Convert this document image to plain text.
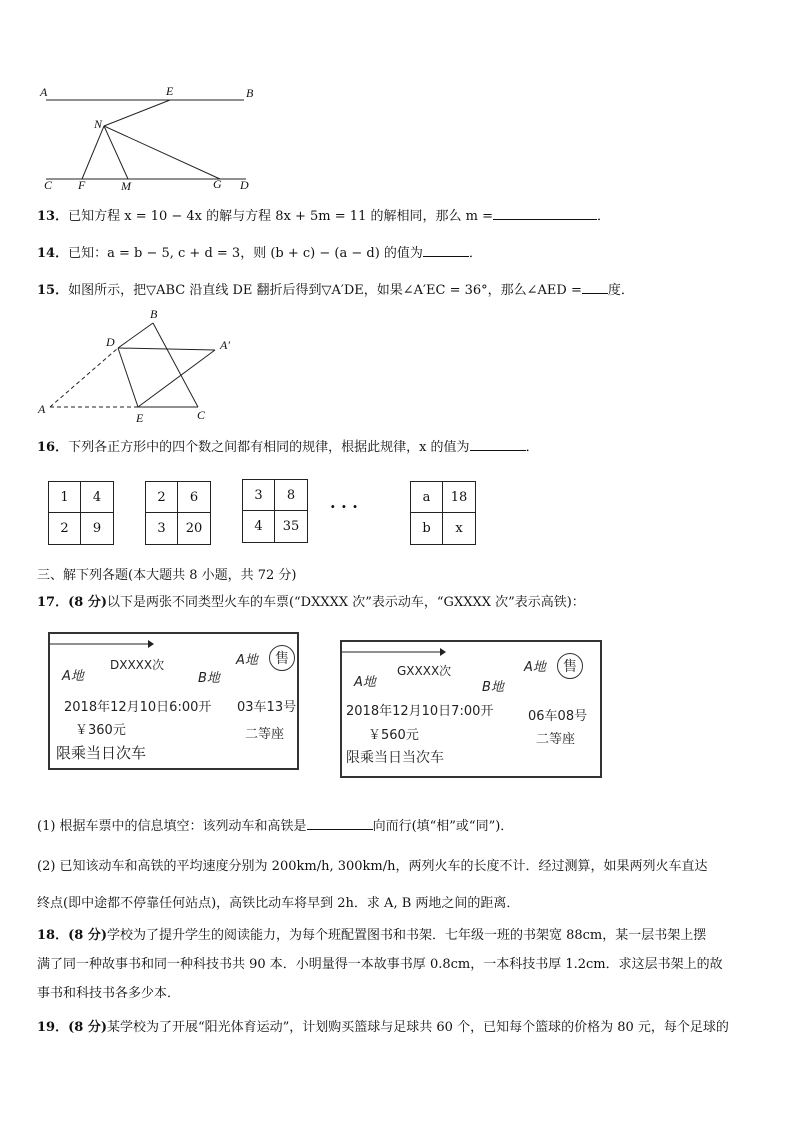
A	E	B
N
C F	M	G D
13．已知方程 x = 10 − 4x 的解与方程 8x + 5m = 11 的解相同，那么 m =	．
14．已知：a = b − 5, c + d = 3，则 (b + c) − (a − d) 的值为	．
15．如图所示，把▽ABC 沿直线 DE 翻折后得到▽A′DE，如果∠A′EC = 36°，那么∠AED = 度．
B
D	A′
A
E	C
16．下列各正方形中的四个数之间都有相同的规律，根据此规律，x 的值为	．
1	4
2	9
2	6
3	20
3	8
4	35
· · ·	a	18
b	x
三、解下列各题(本大题共 8 小题，共 72 分)
17．(8 分)以下是两张不同类型火车的车票(“DXXXX 次”表示动车，“GXXXX 次”表示高铁)：
A地
DXXXX次
B地
A地	售
2018年12月10日6:00开 03车13号
￥360元	二等座
限乘当日次车
A地
GXXXX次
B地
A地	售
2018年12月10日7:00开	06车08号
￥560元	二等座
限乘当日当次车
(1) 根据车票中的信息填空：该列动车和高铁是	向而行(填“相”或“同”)．
(2) 已知该动车和高铁的平均速度分别为 200km/h, 300km/h，两列火车的长度不计．经过测算，如果两列火车直达
终点(即中途都不停靠任何站点)，高铁比动车将早到 2h．求 A, B 两地之间的距离．
18．(8 分)学校为了提升学生的阅读能力，为每个班配置图书和书架．七年级一班的书架宽 88cm，某一层书架上摆
满了同一种故事书和同一种科技书共 90 本．小明量得一本故事书厚 0.8cm，一本科技书厚 1.2cm．求这层书架上的故
事书和科技书各多少本．
19．(8 分)某学校为了开展“阳光体育运动”，计划购买篮球与足球共 60 个，已知每个篮球的价格为 80 元，每个足球的
